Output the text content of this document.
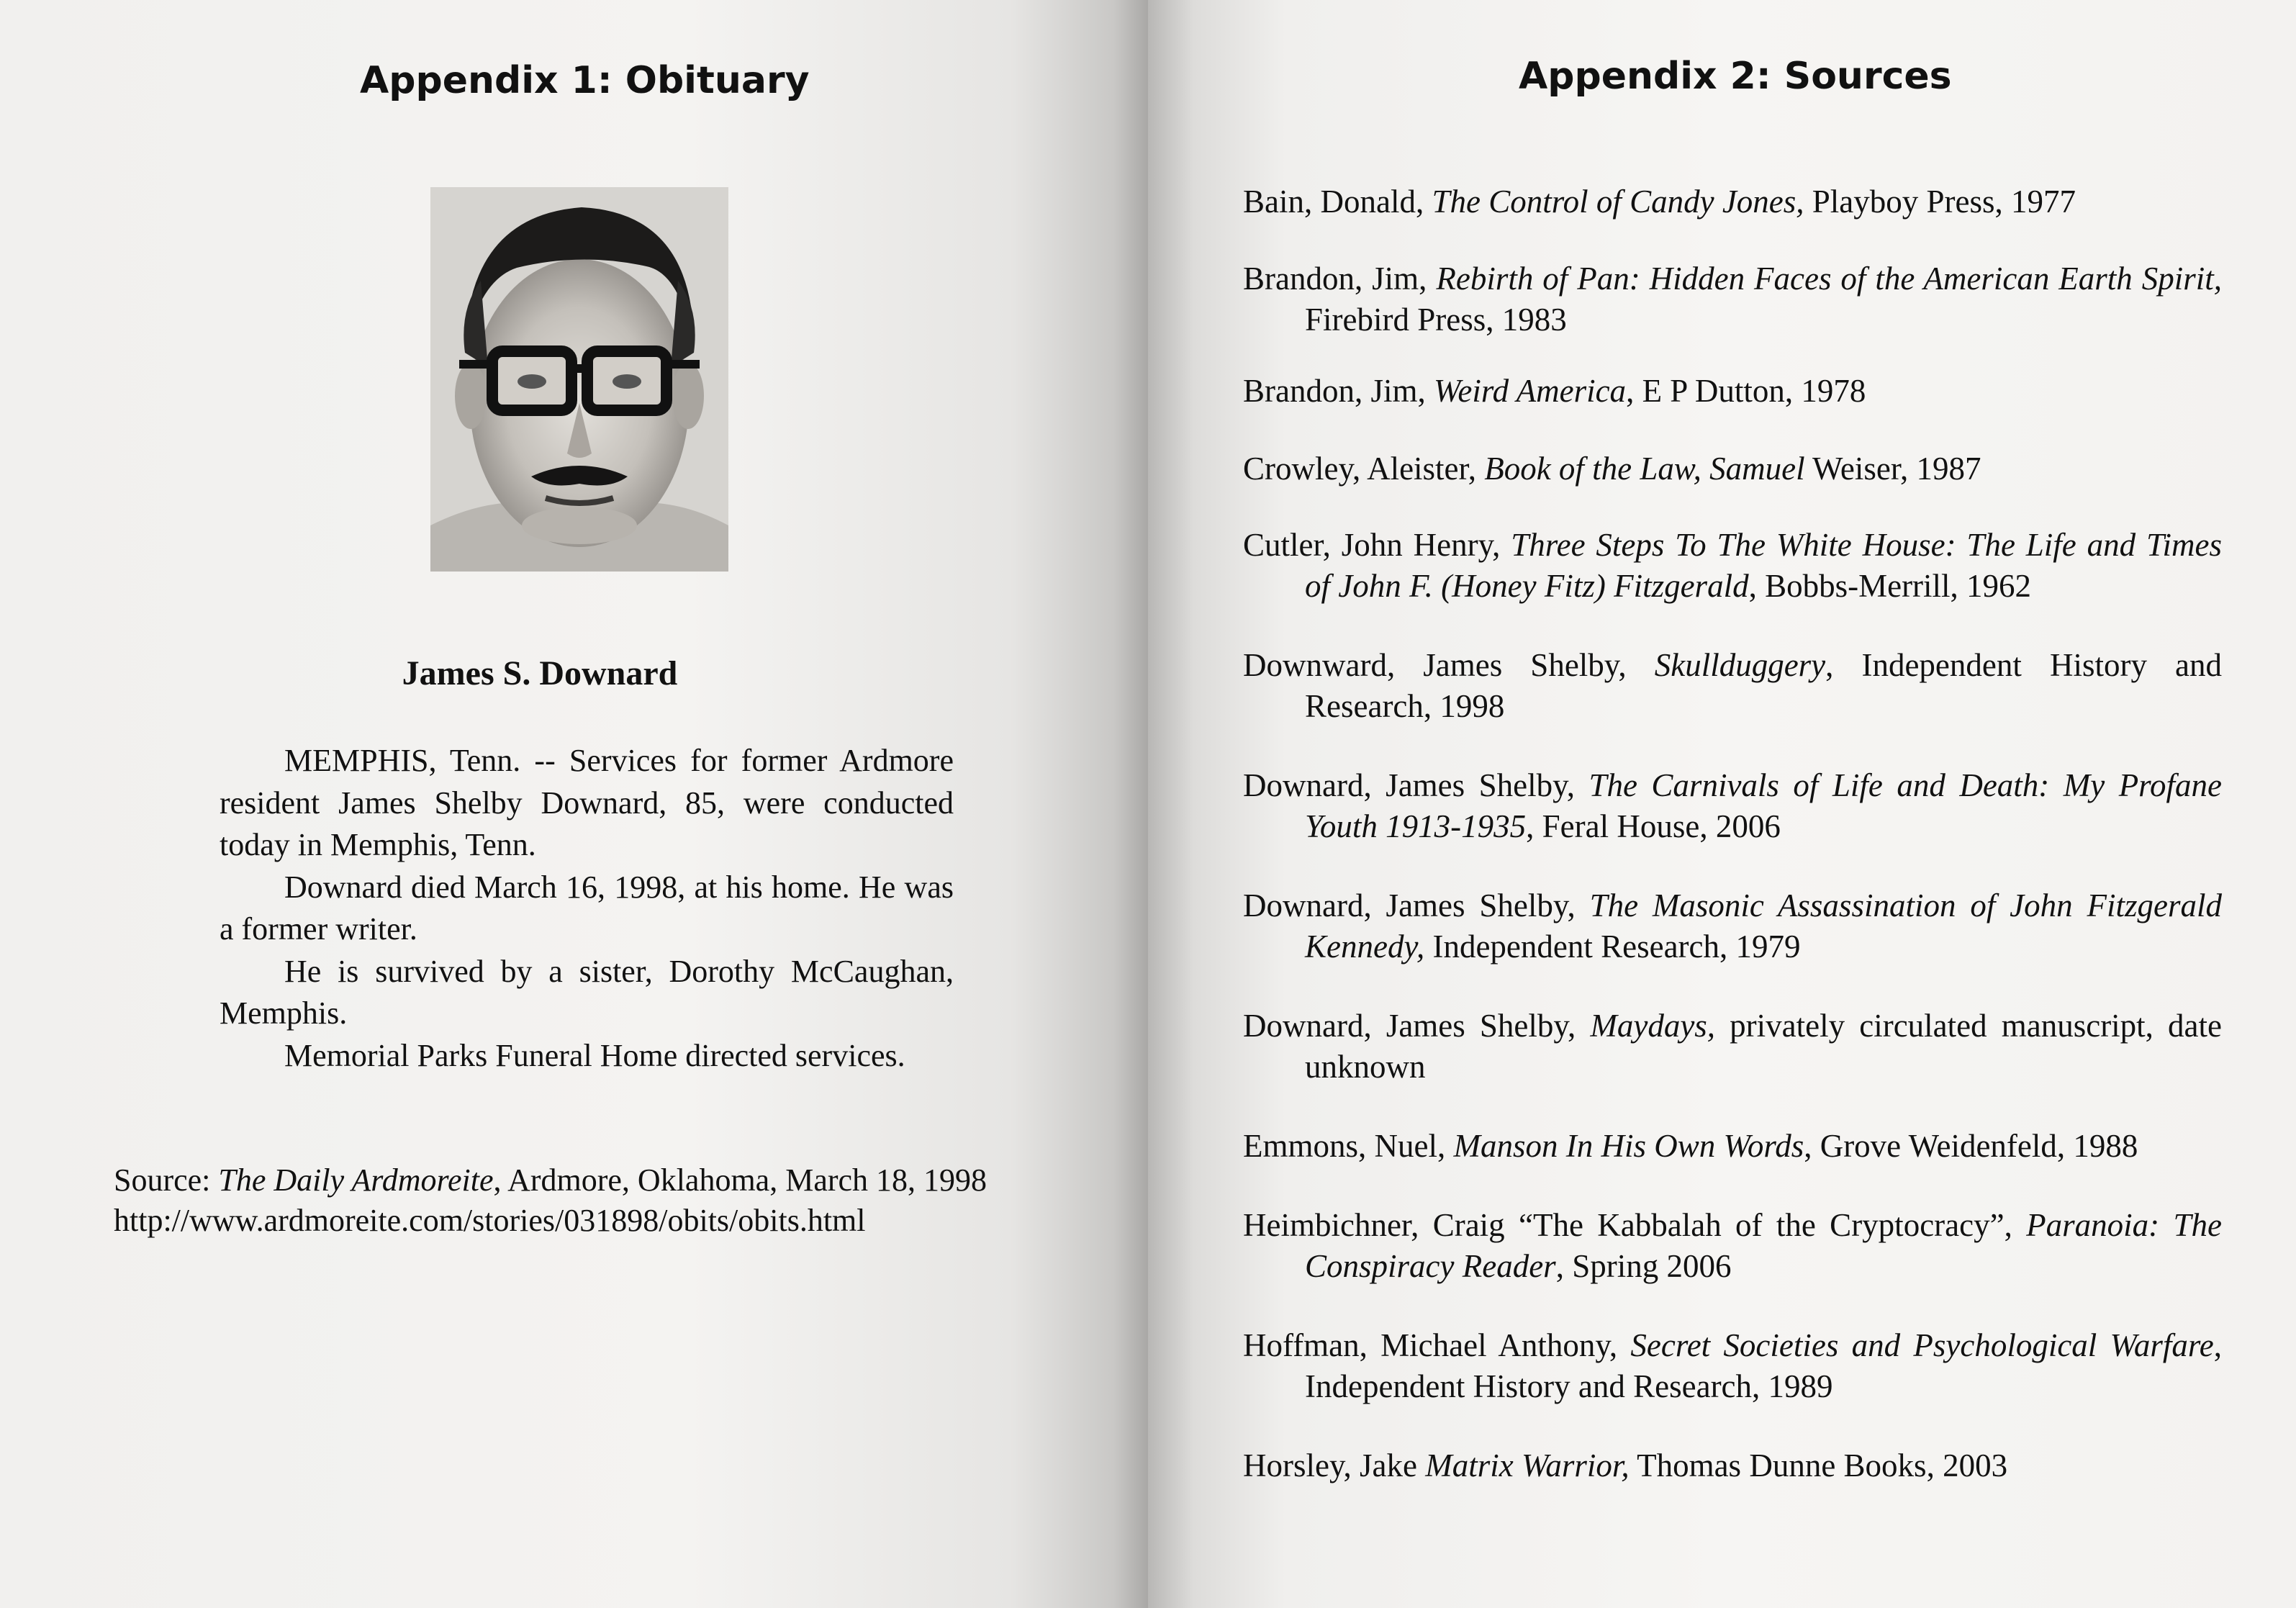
Appendix 1: Obituary
James S. Downard

MEMPHIS, Tenn. -- Services for former Ardmore resident James Shelby Downard, 85, were conducted today in Memphis, Tenn.

Downard died March 16, 1998, at his home. He was a former writer.

He is survived by a sister, Dorothy McCaughan, Memphis.

Memorial Parks Funeral Home directed services.

Source: The Daily Ardmoreite, Ardmore, Oklahoma, March 18, 1998
http://www.ardmoreite.com/stories/031898/obits/obits.html

Appendix 2: Sources
Bain, Donald, The Control of Candy Jones, Playboy Press, 1977
Brandon, Jim, Rebirth of Pan: Hidden Faces of the American Earth Spirit, Firebird Press, 1983
Brandon, Jim, Weird America, E P Dutton, 1978
Crowley, Aleister, Book of the Law, Samuel Weiser, 1987
Cutler, John Henry, Three Steps To The White House: The Life and Times of John F. (Honey Fitz) Fitzgerald, Bobbs-Merrill, 1962
Downward, James Shelby, Skullduggery, Independent History and Research, 1998
Downard, James Shelby, The Carnivals of Life and Death: My Profane Youth 1913-1935, Feral House, 2006
Downard, James Shelby, The Masonic Assassination of John Fitzgerald Kennedy, Independent Research, 1979
Downard, James Shelby, Maydays, privately circulated manuscript, date unknown
Emmons, Nuel, Manson In His Own Words, Grove Weidenfeld, 1988
Heimbichner, Craig “The Kabbalah of the Cryptocracy”, Paranoia: The Conspiracy Reader, Spring 2006
Hoffman, Michael Anthony, Secret Societies and Psychological Warfare, Independent History and Research, 1989
Horsley, Jake Matrix Warrior, Thomas Dunne Books, 2003
